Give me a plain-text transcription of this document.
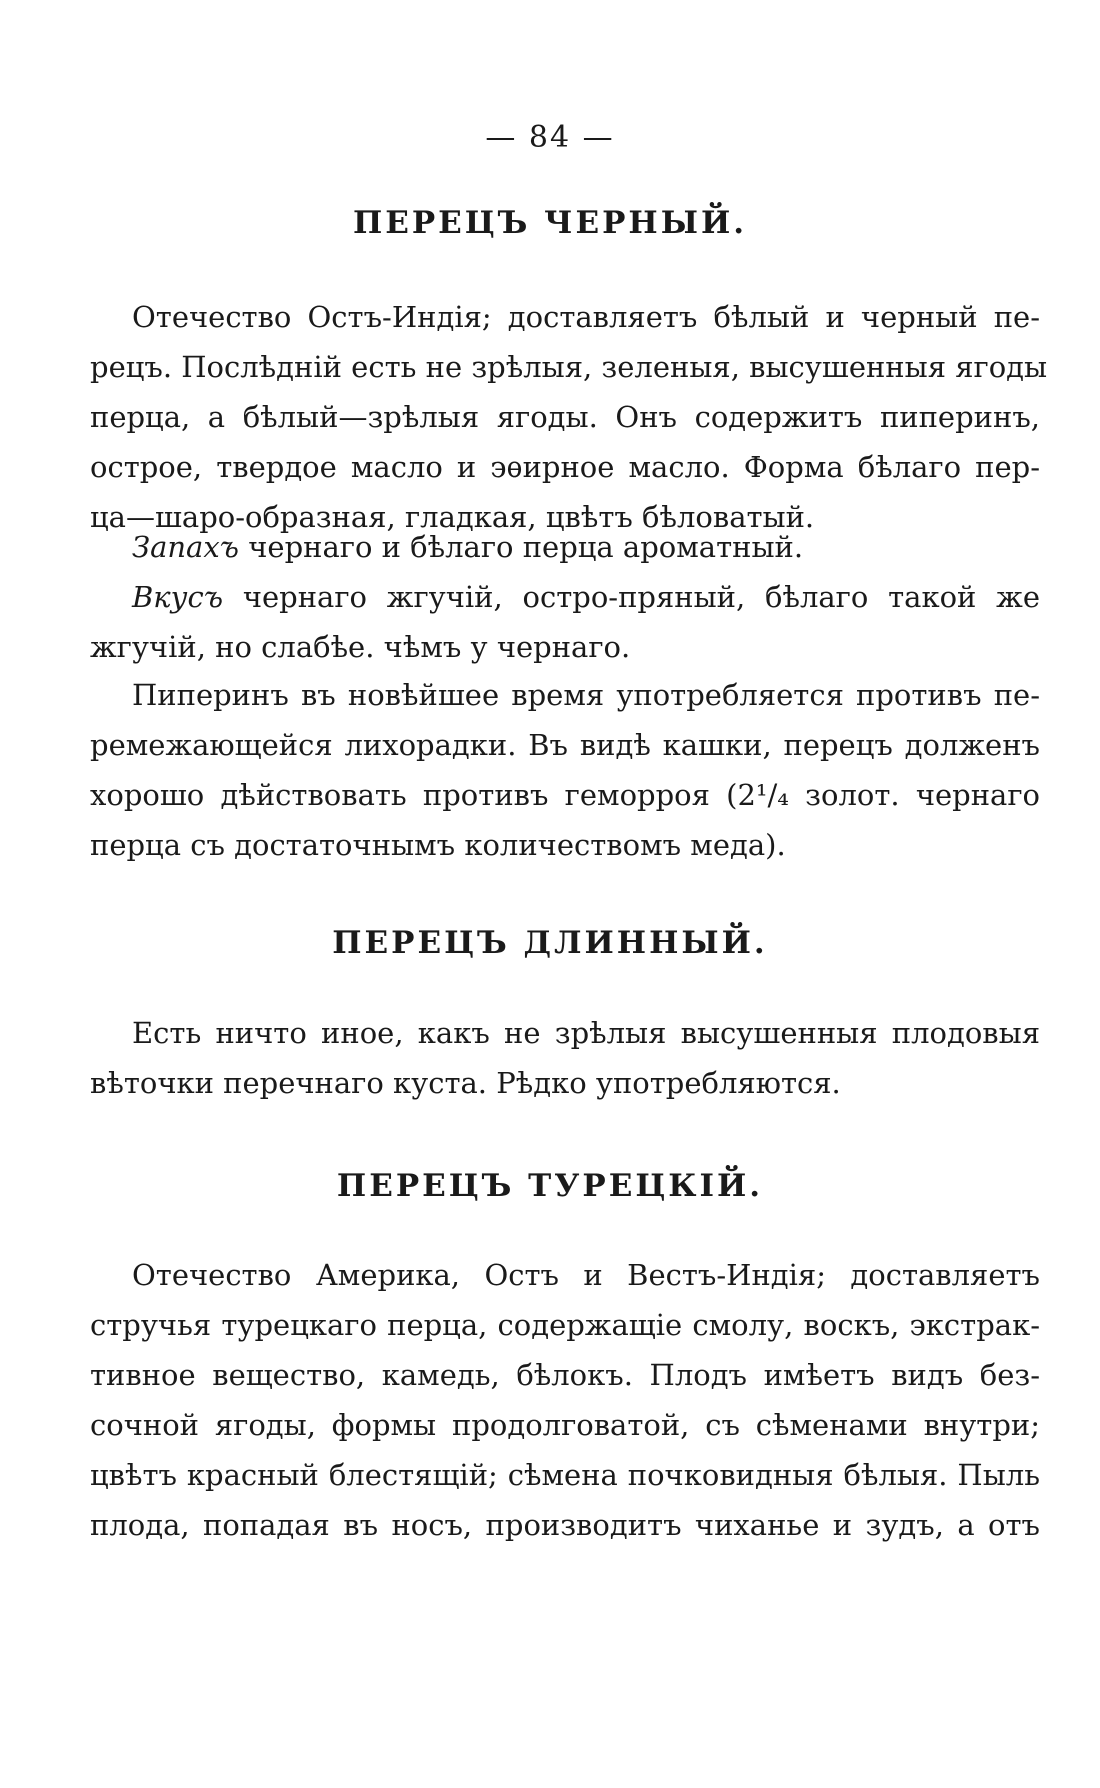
— 84 —
ПЕРЕЦЪ ЧЕРНЫЙ.
Отечество Остъ-Индія; доставляетъ бѣлый и черный пе-
рецъ. Послѣдній есть не зрѣлыя, зеленыя, высушенныя ягоды
перца, а бѣлый—зрѣлыя ягоды. Онъ содержитъ пиперинъ,
острое, твердое масло и эѳирное масло. Форма бѣлаго пер-
ца—шаро-образная, гладкая, цвѣтъ бѣловатый.
Запахъ чернаго и бѣлаго перца ароматный.
Вкусъ чернаго жгучій, остро-пряный, бѣлаго такой же
жгучій, но слабѣе. чѣмъ у чернаго.
Пиперинъ въ новѣйшее время употребляется противъ пе-
ремежающейся лихорадки. Въ видѣ кашки, перецъ долженъ
хорошо дѣйствовать противъ геморроя (2¹/₄ золот. чернаго
перца съ достаточнымъ количествомъ меда).
ПЕРЕЦЪ ДЛИННЫЙ.
Есть ничто иное, какъ не зрѣлыя высушенныя плодовыя
вѣточки перечнаго куста. Рѣдко употребляются.
ПЕРЕЦЪ ТУРЕЦКІЙ.
Отечество Америка, Остъ и Вестъ-Индія; доставляетъ
стручья турецкаго перца, содержащіе смолу, воскъ, экстрак-
тивное вещество, камедь, бѣлокъ. Плодъ имѣетъ видъ без-
сочной ягоды, формы продолговатой, съ сѣменами внутри;
цвѣтъ красный блестящій; сѣмена почковидныя бѣлыя. Пыль
плода, попадая въ носъ, производитъ чиханье и зудъ, а отъ
